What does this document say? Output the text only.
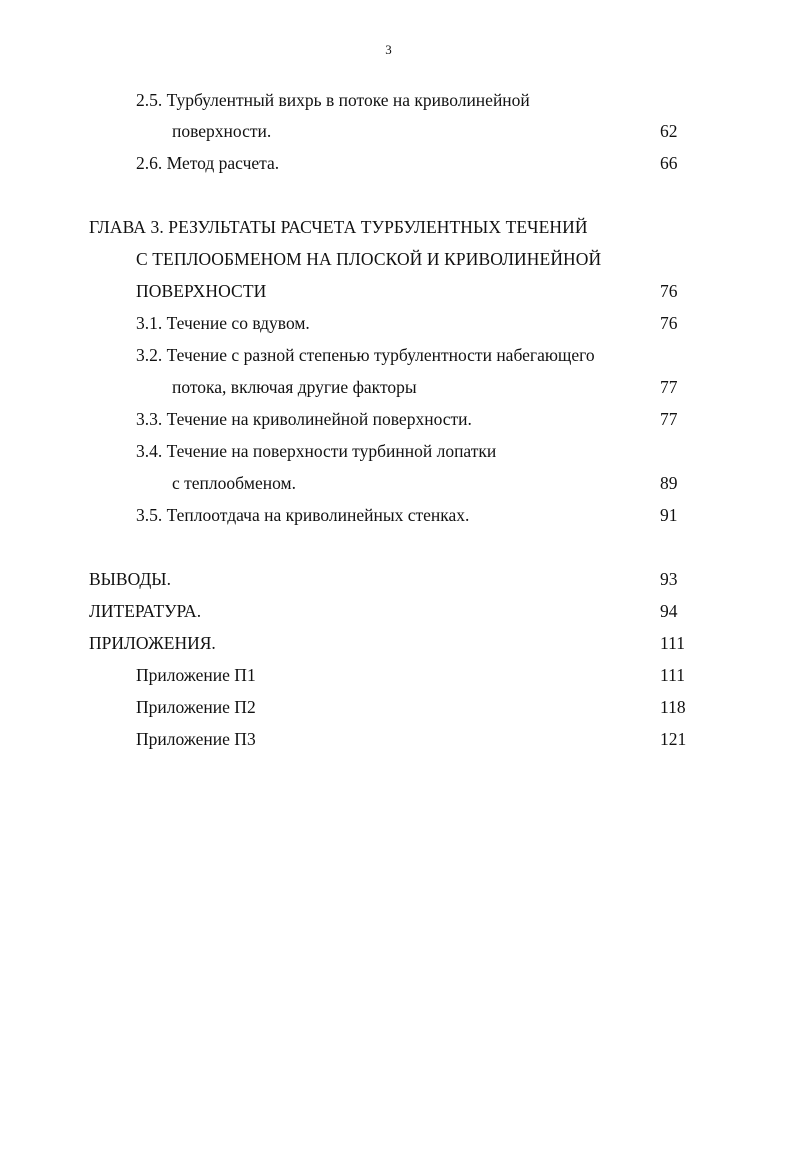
3
2.5. Турбулентный вихрь в потоке на криволинейной
поверхности.	62
2.6. Метод расчета.	66
ГЛАВА 3. РЕЗУЛЬТАТЫ РАСЧЕТА ТУРБУЛЕНТНЫХ ТЕЧЕНИЙ
С ТЕПЛООБМЕНОМ НА ПЛОСКОЙ И КРИВОЛИНЕЙНОЙ
ПОВЕРХНОСТИ	76
3.1. Течение со вдувом.	76
3.2. Течение с разной степенью турбулентности набегающего
потока, включая другие факторы	77
3.3. Течение на криволинейной поверхности.	77
3.4. Течение на поверхности турбинной лопатки
с теплообменом.	89
3.5. Теплоотдача на криволинейных стенках.	91
ВЫВОДЫ.	93
ЛИТЕРАТУРА.	94
ПРИЛОЖЕНИЯ.	111
Приложение П1	111
Приложение П2	118
Приложение П3	121
